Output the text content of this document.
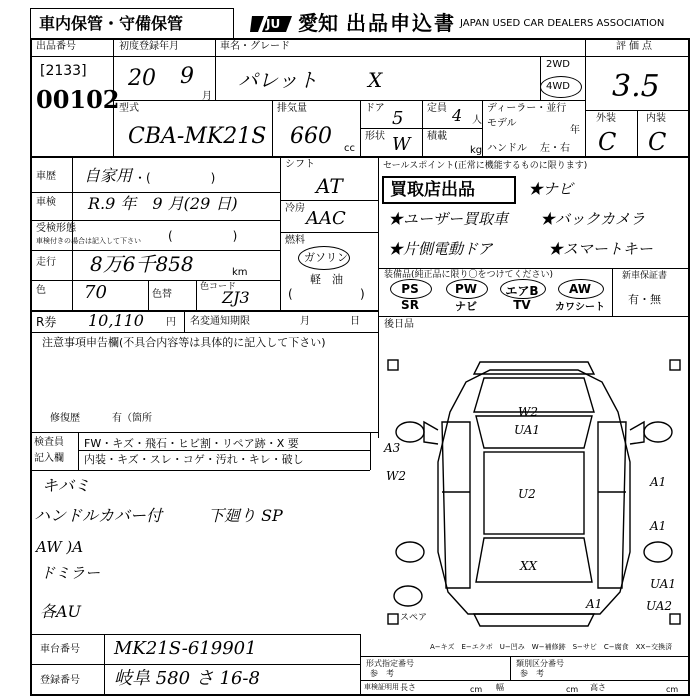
車内保管・守備保管	JU 愛知 出品申込書 JAPAN USED CAR DEALERS ASSOCIATION
出品番号
[2133]
00102
初度登録年月
20 9
月
車名・グレード
パレット	X
2WD
4WD
評価点
3.5
外装	内装
C C
型式
CBA-MK21S
排気量
660 cc
ドア 5
形状 W
定員 4 人
積載
kg
ディーラー・並行
モデル
年
ハンドル 左・右
車歴 自家用 ・(　　　　　)
車検 R.9 年　9 月(29 日)
受検形態
車検付きの場合は記入して下さい (　　　　　)
走行 8万6千858	km
色 70	色替
色コード
ZJ3
シフト
AT
冷房 AAC
燃料
ガソリン
軽　油
(	)
セールスポイント(正常に機能するものに限ります)
買取店出品	★ナビ
★ユーザー買取車 ★バックカメラ
★片側電動ドア	★スマートキー
装備品(純正品に限り〇をつけてください)	新車保証書
有・無
PS	PW	エアB	AW
SR	ナビ	TV	カワシート
R券 10,110 円 名変通知期限	月	日 後日品
注意事項申告欄(不具合内容等は具体的に記入して下さい)
修復歴	有（箇所
検査員
記入欄
FW・キズ・飛石・ヒビ割・リペア跡・X 要
内装・キズ・スレ・コゲ・汚れ・キレ・破し
キバミ
ハンドルカバー付	下廻り SP
AW )A
ドミラー
各AU
W2
UA1
A3
W2
U2
A1
A1
XX
UA1
A1	UA2
スペア
A−キズ　E−エクボ　U−凹み　W−補修跡　S−サビ　C−腐食　XX−交換済
車台番号 MK21S-619901
登録番号 岐阜 580 さ 16-8
形式指定番号
参　考
類別区分番号
参　考
車検証明用 長さ	cm 幅	cm 高さ	cm
